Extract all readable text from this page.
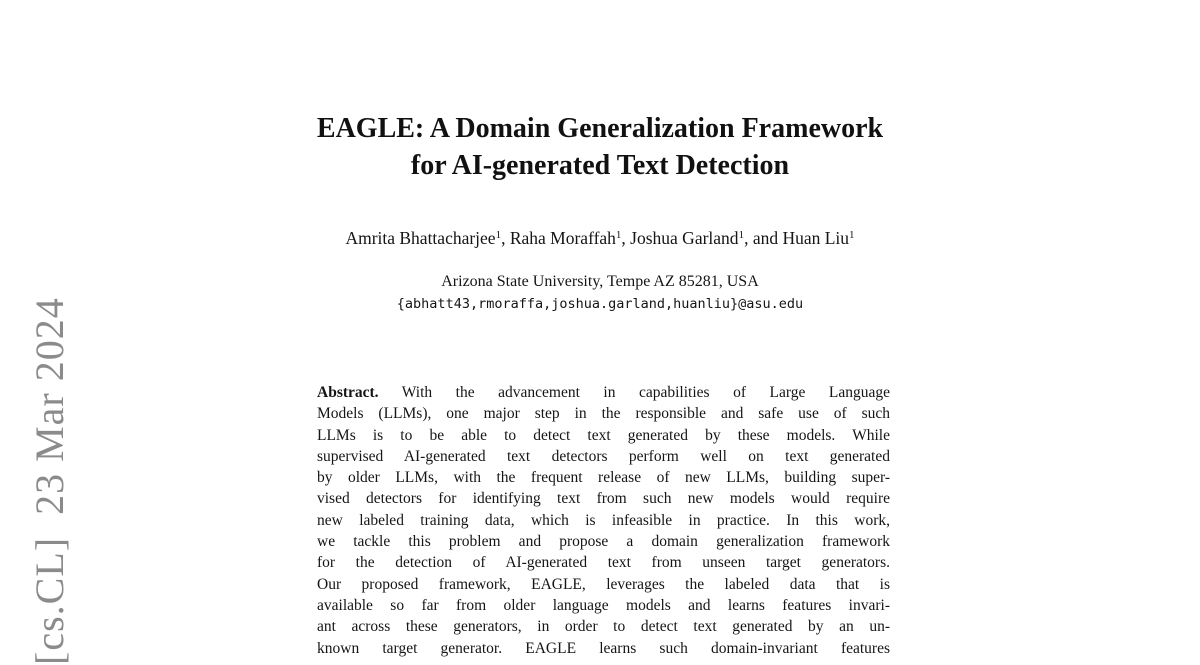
[cs.CL]  23 Mar 2024
EAGLE: A Domain Generalization Framework
for AI-generated Text Detection
Amrita Bhattacharjee$^1$, Raha Moraffah$^1$, Joshua Garland$^1$, and Huan Liu$^1$
Arizona State University, Tempe AZ 85281, USA
{abhatt43,rmoraffa,joshua.garland,huanliu}@asu.edu
Abstract. With the advancement in capabilities of Large Language
Models (LLMs), one major step in the responsible and safe use of such
LLMs is to be able to detect text generated by these models. While
supervised AI-generated text detectors perform well on text generated
by older LLMs, with the frequent release of new LLMs, building super-
vised detectors for identifying text from such new models would require
new labeled training data, which is infeasible in practice. In this work,
we tackle this problem and propose a domain generalization framework
for the detection of AI-generated text from unseen target generators.
Our proposed framework, EAGLE, leverages the labeled data that is
available so far from older language models and learns features invari-
ant across these generators, in order to detect text generated by an un-
known target generator. EAGLE learns such domain-invariant features
